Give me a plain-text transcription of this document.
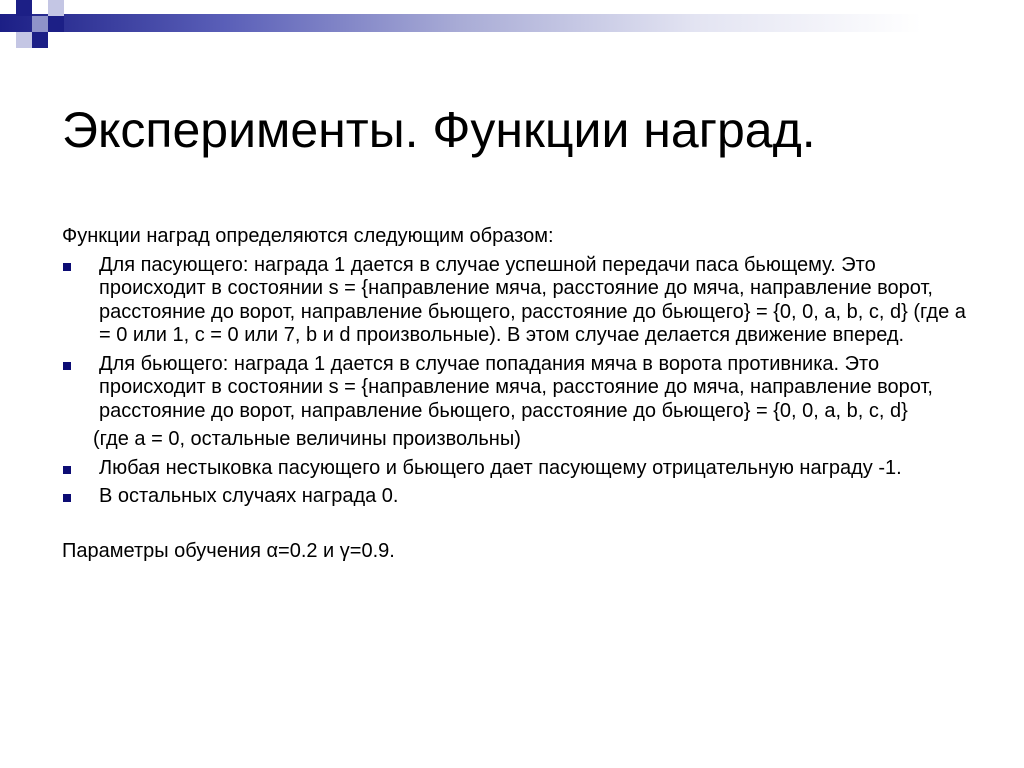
Эксперименты. Функции наград.

Функции наград определяются следующим образом:

Для пасующего: награда 1 дается в случае успешной передачи паса бьющему. Это происходит в состоянии s = {направление мяча, расстояние до мяча, направление ворот, расстояние до ворот, направление бьющего, расстояние до бьющего} = {0, 0, a, b, c, d} (где a = 0 или 1, c = 0 или 7, b и d произвольные). В этом случае делается движение вперед.
Для бьющего: награда 1 дается в случае попадания мяча в ворота противника. Это происходит в состоянии s = {направление мяча, расстояние до мяча, направление ворот, расстояние до ворот, направление бьющего, расстояние до бьющего} = {0, 0, a, b, c, d}
(где a = 0, остальные величины произвольны)
Любая нестыковка пасующего и бьющего дает пасующему отрицательную награду -1.
В остальных случаях награда 0.

Параметры обучения α=0.2 и γ=0.9.
